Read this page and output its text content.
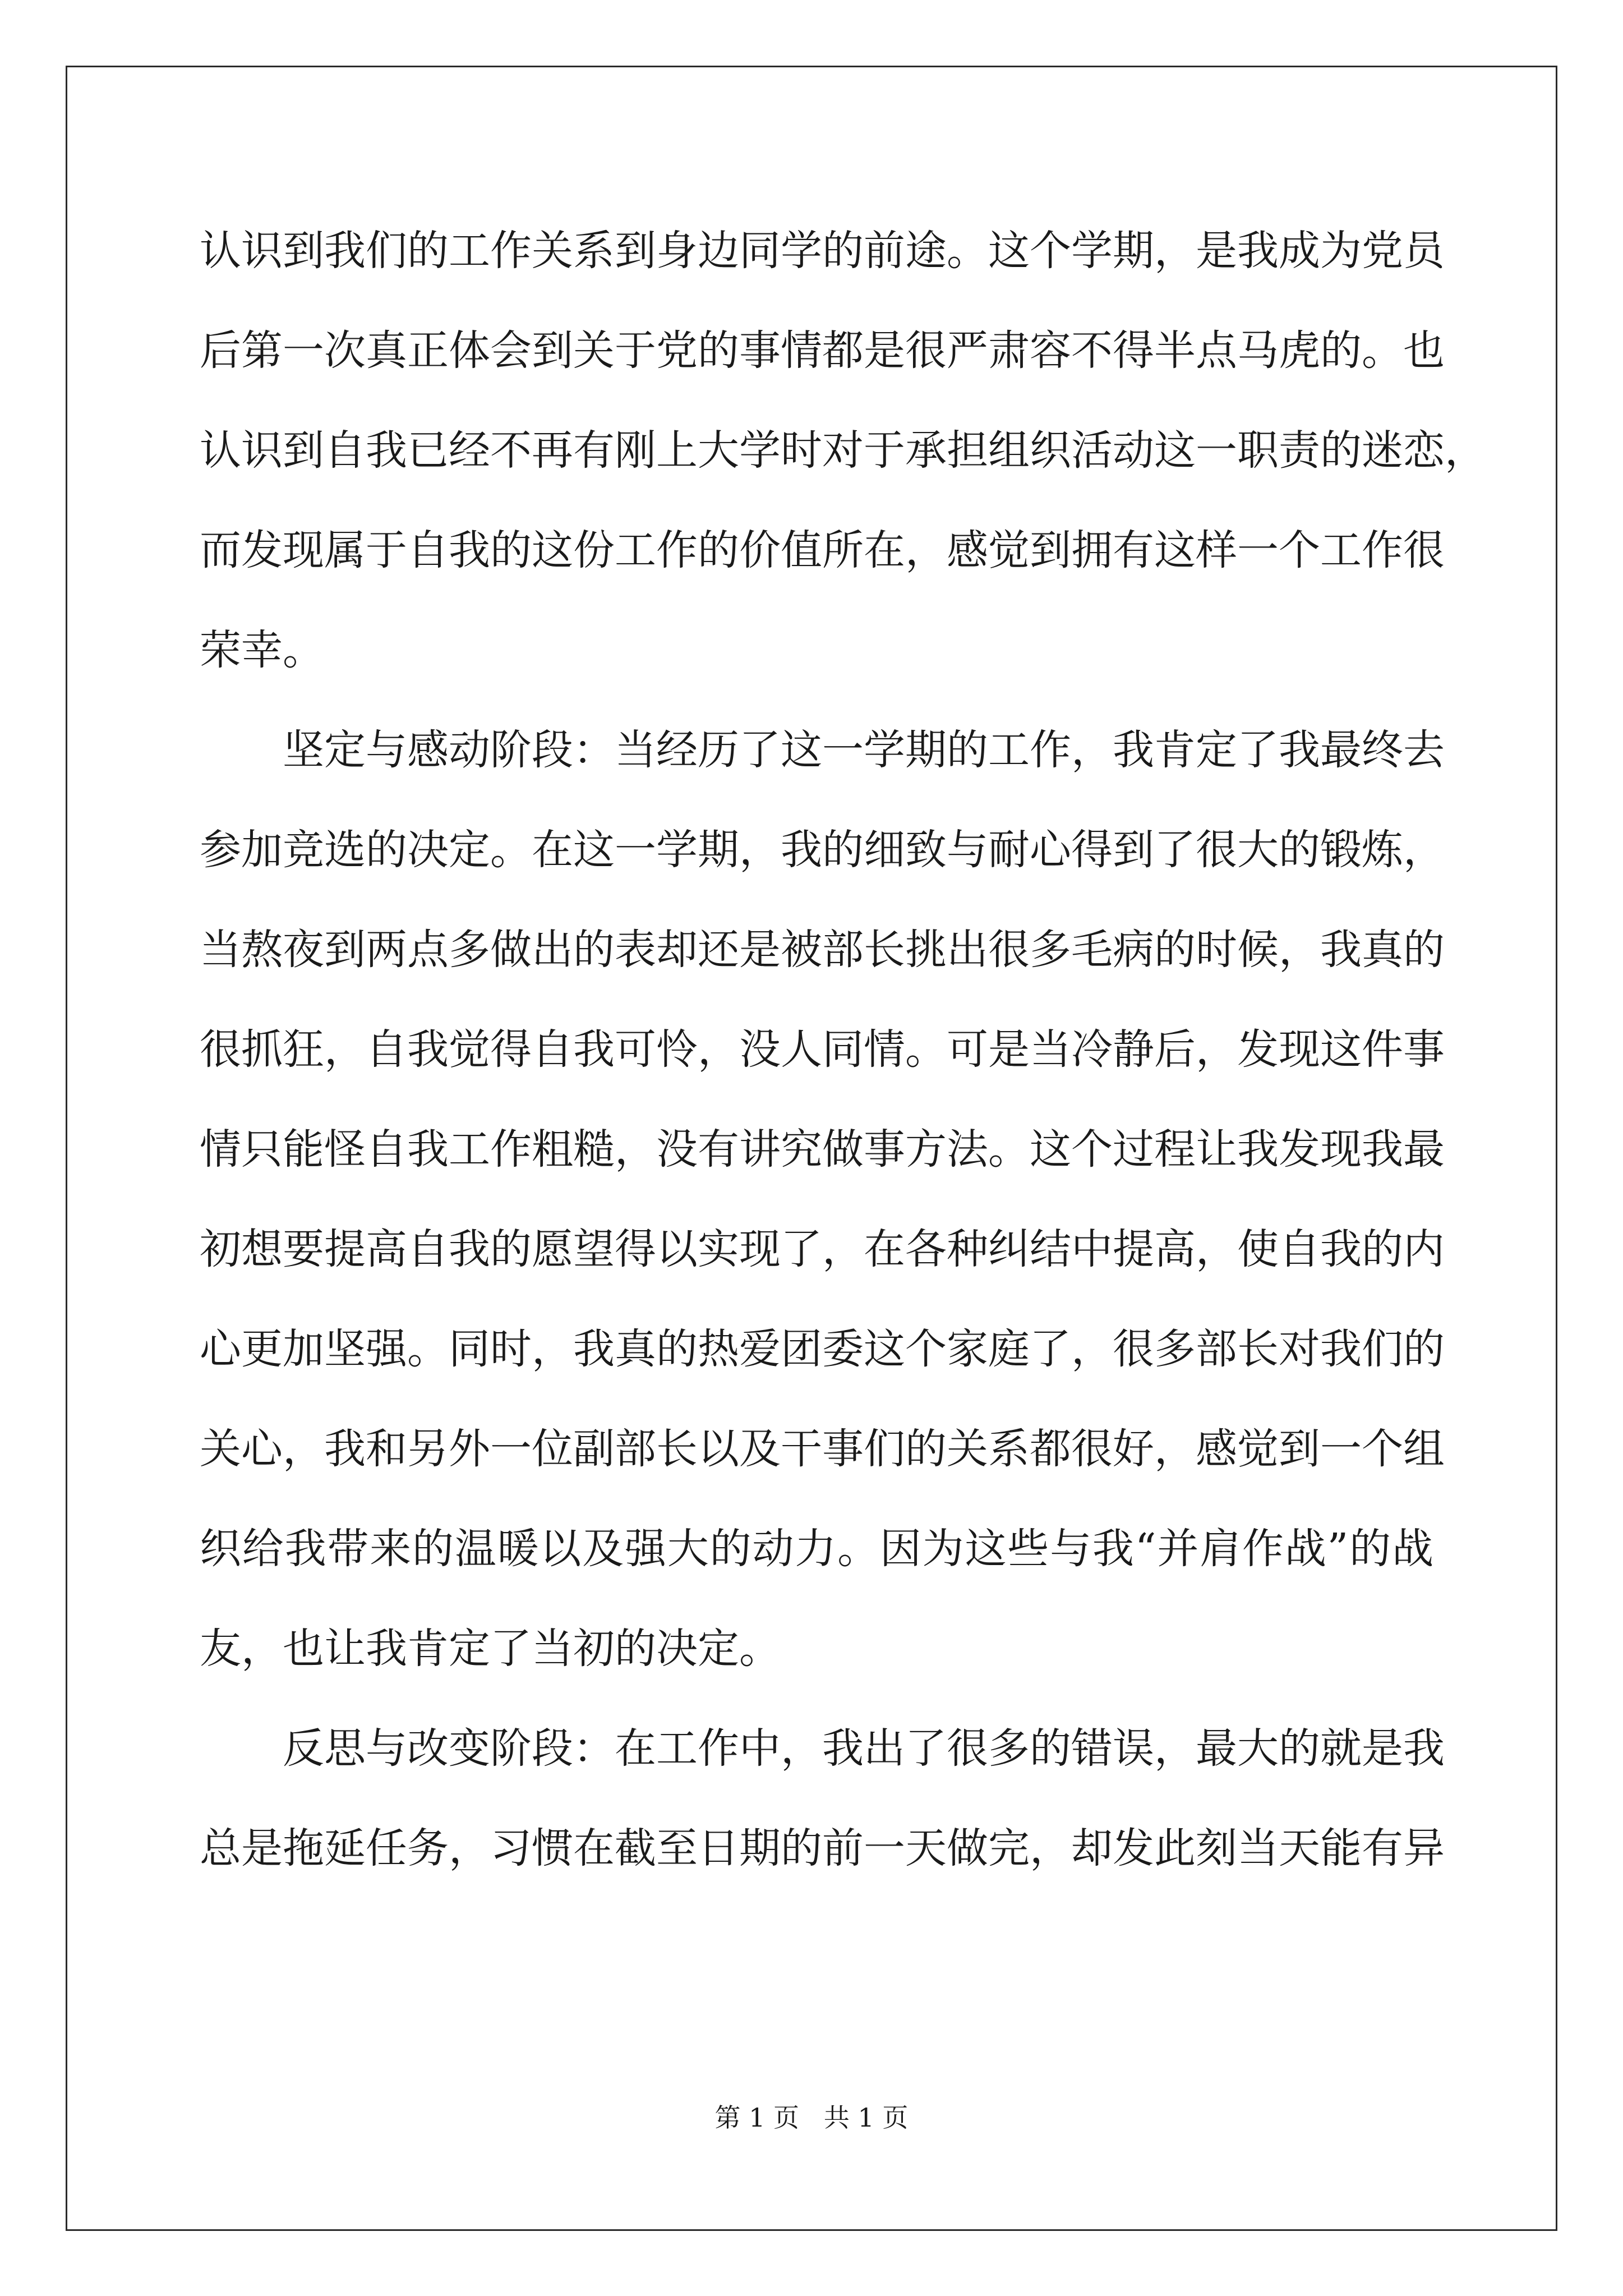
认识到我们的工作关系到身边同学的前途。这个学期，是我成为党员
后第一次真正体会到关于党的事情都是很严肃容不得半点马虎的。也
认识到自我已经不再有刚上大学时对于承担组织活动这一职责的迷恋，
而发现属于自我的这份工作的价值所在，感觉到拥有这样一个工作很
荣幸。
坚定与感动阶段：当经历了这一学期的工作，我肯定了我最终去
参加竞选的决定。在这一学期，我的细致与耐心得到了很大的锻炼，
当熬夜到两点多做出的表却还是被部长挑出很多毛病的时候，我真的
很抓狂，自我觉得自我可怜，没人同情。可是当冷静后，发现这件事
情只能怪自我工作粗糙，没有讲究做事方法。这个过程让我发现我最
初想要提高自我的愿望得以实现了，在各种纠结中提高，使自我的内
心更加坚强。同时，我真的热爱团委这个家庭了，很多部长对我们的
关心，我和另外一位副部长以及干事们的关系都很好，感觉到一个组
织给我带来的温暖以及强大的动力。因为这些与我“并肩作战”的战
友，也让我肯定了当初的决定。
反思与改变阶段：在工作中，我出了很多的错误，最大的就是我
总是拖延任务，习惯在截至日期的前一天做完，却发此刻当天能有异
第 1 页   共 1 页
